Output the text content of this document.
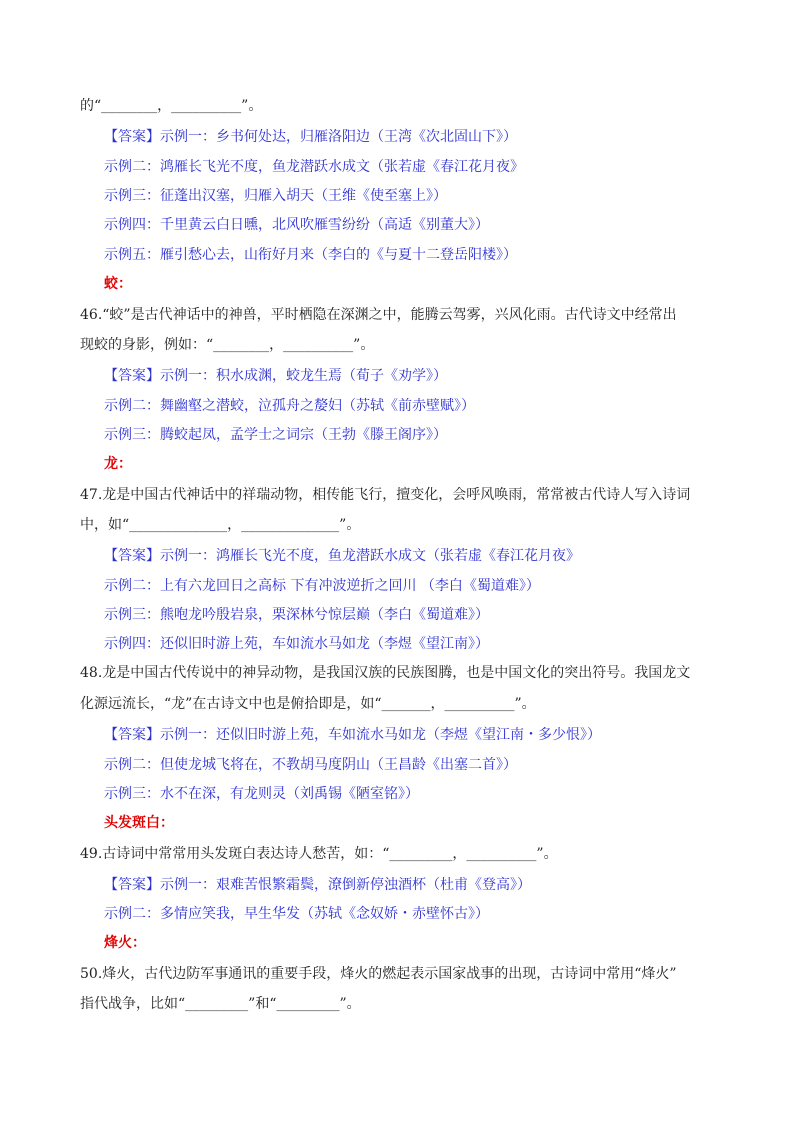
的“________，__________”。
【答案】示例一：乡书何处达，归雁洛阳边（王湾《次北固山下》）
示例二：鸿雁长飞光不度，鱼龙潜跃水成文（张若虚《春江花月夜》
示例三：征蓬出汉塞，归雁入胡天（王维《使至塞上》）
示例四：千里黄云白日曛，北风吹雁雪纷纷（高适《别董大》）
示例五：雁引愁心去，山衔好月来（李白的《与夏十二登岳阳楼》）
蛟：
46.“蛟”是古代神话中的神兽，平时栖隐在深渊之中，能腾云驾雾，兴风化雨。古代诗文中经常出
现蛟的身影，例如：“________，__________”。
【答案】示例一：积水成渊，蛟龙生焉（荀子《劝学》）
示例二：舞幽壑之潜蛟，泣孤舟之嫠妇（苏轼《前赤壁赋》）
示例三：腾蛟起凤，孟学士之词宗（王勃《滕王阁序》）
龙：
47.龙是中国古代神话中的祥瑞动物，相传能飞行，擅变化，会呼风唤雨，常常被古代诗人写入诗词
中，如“______________，______________”。
【答案】示例一：鸿雁长飞光不度，鱼龙潜跃水成文（张若虚《春江花月夜》
示例二：上有六龙回日之高标 下有冲波逆折之回川 （李白《蜀道难》）
示例三：熊咆龙吟殷岩泉，栗深林兮惊层巅（李白《蜀道难》）
示例四：还似旧时游上苑，车如流水马如龙（李煜《望江南》）
48.龙是中国古代传说中的神异动物，是我国汉族的民族图腾，也是中国文化的突出符号。我国龙文
化源远流长，“龙”在古诗文中也是俯拾即是，如“_______，__________”。
【答案】示例一：还似旧时游上苑，车如流水马如龙（李煜《望江南・多少恨》）
示例二：但使龙城飞将在，不教胡马度阴山（王昌龄《出塞二首》）
示例三：水不在深，有龙则灵（刘禹锡《陋室铭》）
头发斑白：
49.古诗词中常常用头发斑白表达诗人愁苦，如：“_________，__________”。
【答案】示例一：艰难苦恨繁霜鬓，潦倒新停浊酒杯（杜甫《登高》）
示例二：多情应笑我，早生华发（苏轼《念奴娇・赤壁怀古》）
烽火：
50.烽火，古代边防军事通讯的重要手段，烽火的燃起表示国家战事的出现，古诗词中常用“烽火”
指代战争，比如“_________”和“_________”。
